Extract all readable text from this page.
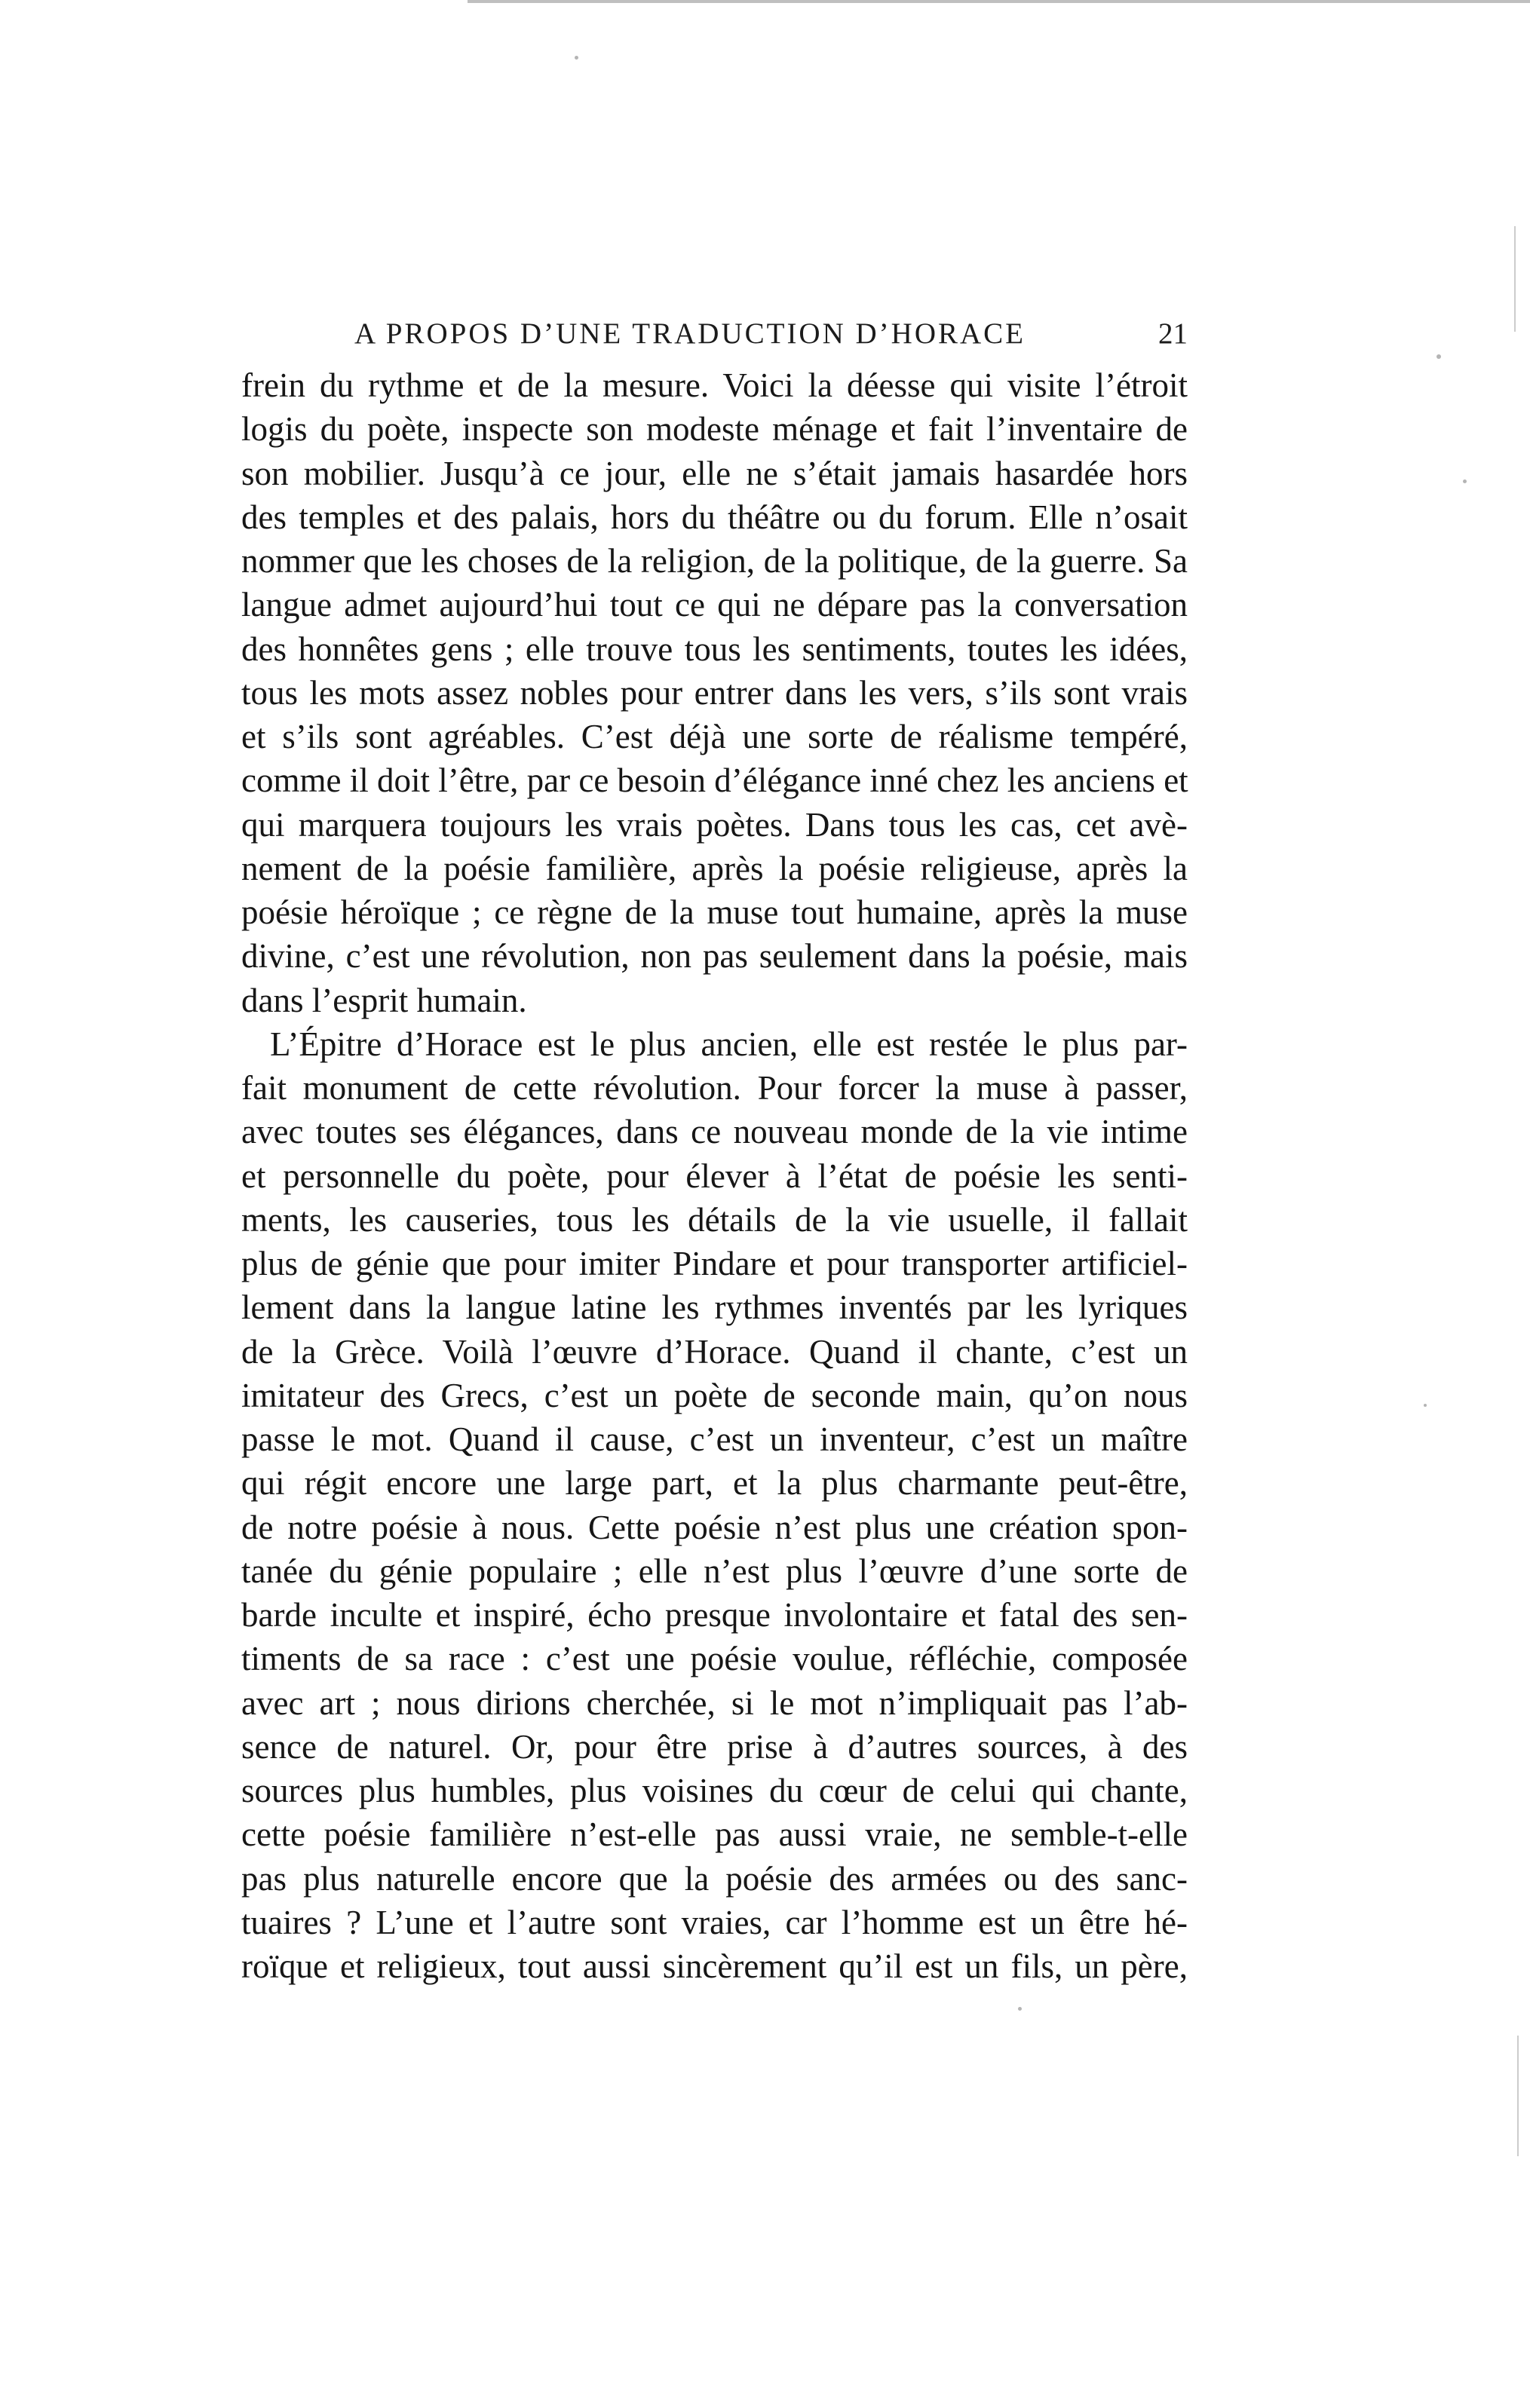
A PROPOS D’UNE TRADUCTION D’HORACE	21
frein du rythme et de la mesure. Voici la déesse qui visite l’étroit
logis du poète, inspecte son modeste ménage et fait l’inventaire de
son mobilier. Jusqu’à ce jour, elle ne s’était jamais hasardée hors
des temples et des palais, hors du théâtre ou du forum. Elle n’osait
nommer que les choses de la religion, de la politique, de la guerre. Sa
langue admet aujourd’hui tout ce qui ne dépare pas la conversation
des honnêtes gens ; elle trouve tous les sentiments, toutes les idées,
tous les mots assez nobles pour entrer dans les vers, s’ils sont vrais
et s’ils sont agréables. C’est déjà une sorte de réalisme tempéré,
comme il doit l’être, par ce besoin d’élégance inné chez les anciens et
qui marquera toujours les vrais poètes. Dans tous les cas, cet avè-
nement de la poésie familière, après la poésie religieuse, après la
poésie héroïque ; ce règne de la muse tout humaine, après la muse
divine, c’est une révolution, non pas seulement dans la poésie, mais
dans l’esprit humain.
L’Épitre d’Horace est le plus ancien, elle est restée le plus par-
fait monument de cette révolution. Pour forcer la muse à passer,
avec toutes ses élégances, dans ce nouveau monde de la vie intime
et personnelle du poète, pour élever à l’état de poésie les senti-
ments, les causeries, tous les détails de la vie usuelle, il fallait
plus de génie que pour imiter Pindare et pour transporter artificiel-
lement dans la langue latine les rythmes inventés par les lyriques
de la Grèce. Voilà l’œuvre d’Horace. Quand il chante, c’est un
imitateur des Grecs, c’est un poète de seconde main, qu’on nous
passe le mot. Quand il cause, c’est un inventeur, c’est un maître
qui régit encore une large part, et la plus charmante peut-être,
de notre poésie à nous. Cette poésie n’est plus une création spon-
tanée du génie populaire ; elle n’est plus l’œuvre d’une sorte de
barde inculte et inspiré, écho presque involontaire et fatal des sen-
timents de sa race : c’est une poésie voulue, réfléchie, composée
avec art ; nous dirions cherchée, si le mot n’impliquait pas l’ab-
sence de naturel. Or, pour être prise à d’autres sources, à des
sources plus humbles, plus voisines du cœur de celui qui chante,
cette poésie familière n’est-elle pas aussi vraie, ne semble-t-elle
pas plus naturelle encore que la poésie des armées ou des sanc-
tuaires ? L’une et l’autre sont vraies, car l’homme est un être hé-
roïque et religieux, tout aussi sincèrement qu’il est un fils, un père,
